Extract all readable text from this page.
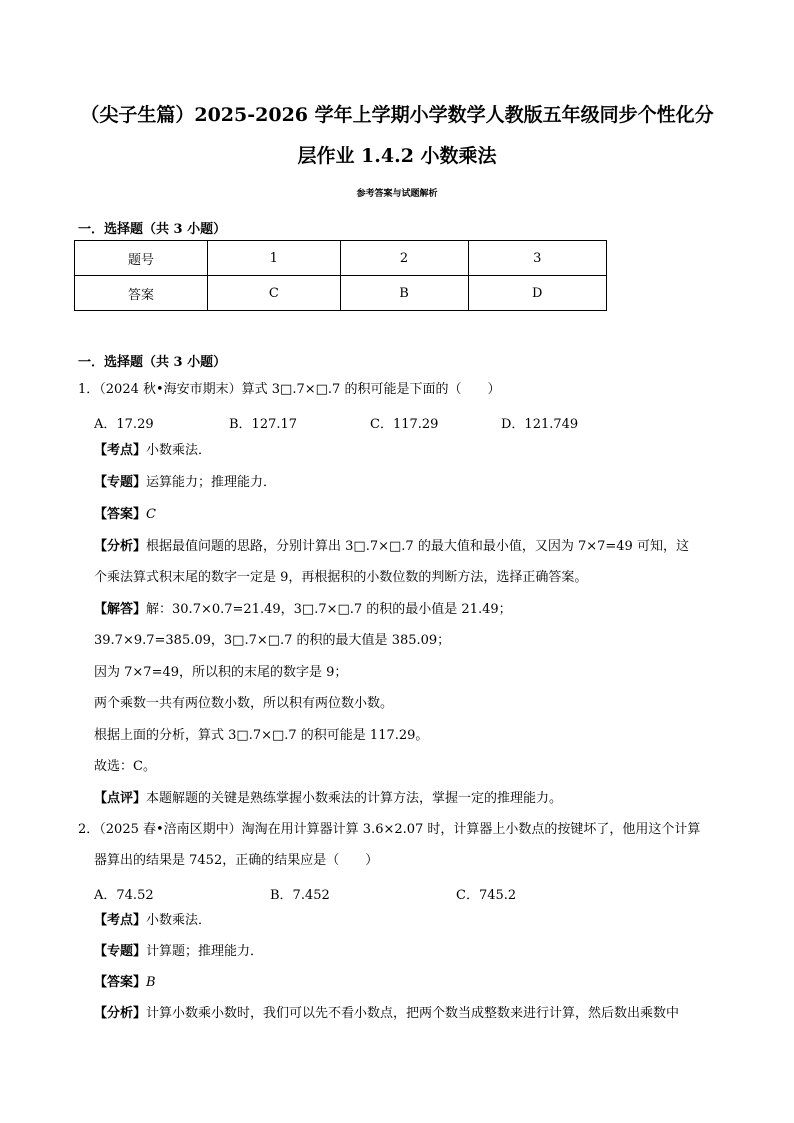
（尖子生篇）2025-2026 学年上学期小学数学人教版五年级同步个性化分
层作业 1.4.2 小数乘法
参考答案与试题解析
一．选择题（共 3 小题）
题号	1	2	3
答案	C	B	D
一．选择题（共 3 小题）
1．（2024 秋•海安市期末）算式 3□.7×□.7 的积可能是下面的（　　）
A．17.29	B．127.17	C．117.29	D．121.749
【考点】小数乘法．
【专题】运算能力；推理能力．
【答案】C
【分析】根据最值问题的思路，分别计算出 3□.7×□.7 的最大值和最小值，又因为 7×7=49 可知，这
个乘法算式积末尾的数字一定是 9，再根据积的小数位数的判断方法，选择正确答案。
【解答】解：30.7×0.7=21.49，3□.7×□.7 的积的最小值是 21.49；
39.7×9.7=385.09，3□.7×□.7 的积的最大值是 385.09；
因为 7×7=49，所以积的末尾的数字是 9；
两个乘数一共有两位数小数，所以积有两位数小数。
根据上面的分析，算式 3□.7×□.7 的积可能是 117.29。
故选：C。
【点评】本题解题的关键是熟练掌握小数乘法的计算方法，掌握一定的推理能力。
2．（2025 春•涪南区期中）淘淘在用计算器计算 3.6×2.07 时，计算器上小数点的按键坏了，他用这个计算
器算出的结果是 7452，正确的结果应是（　　）
A．74.52	B．7.452	C．745.2
【考点】小数乘法．
【专题】计算题；推理能力．
【答案】B
【分析】计算小数乘小数时，我们可以先不看小数点，把两个数当成整数来进行计算，然后数出乘数中
